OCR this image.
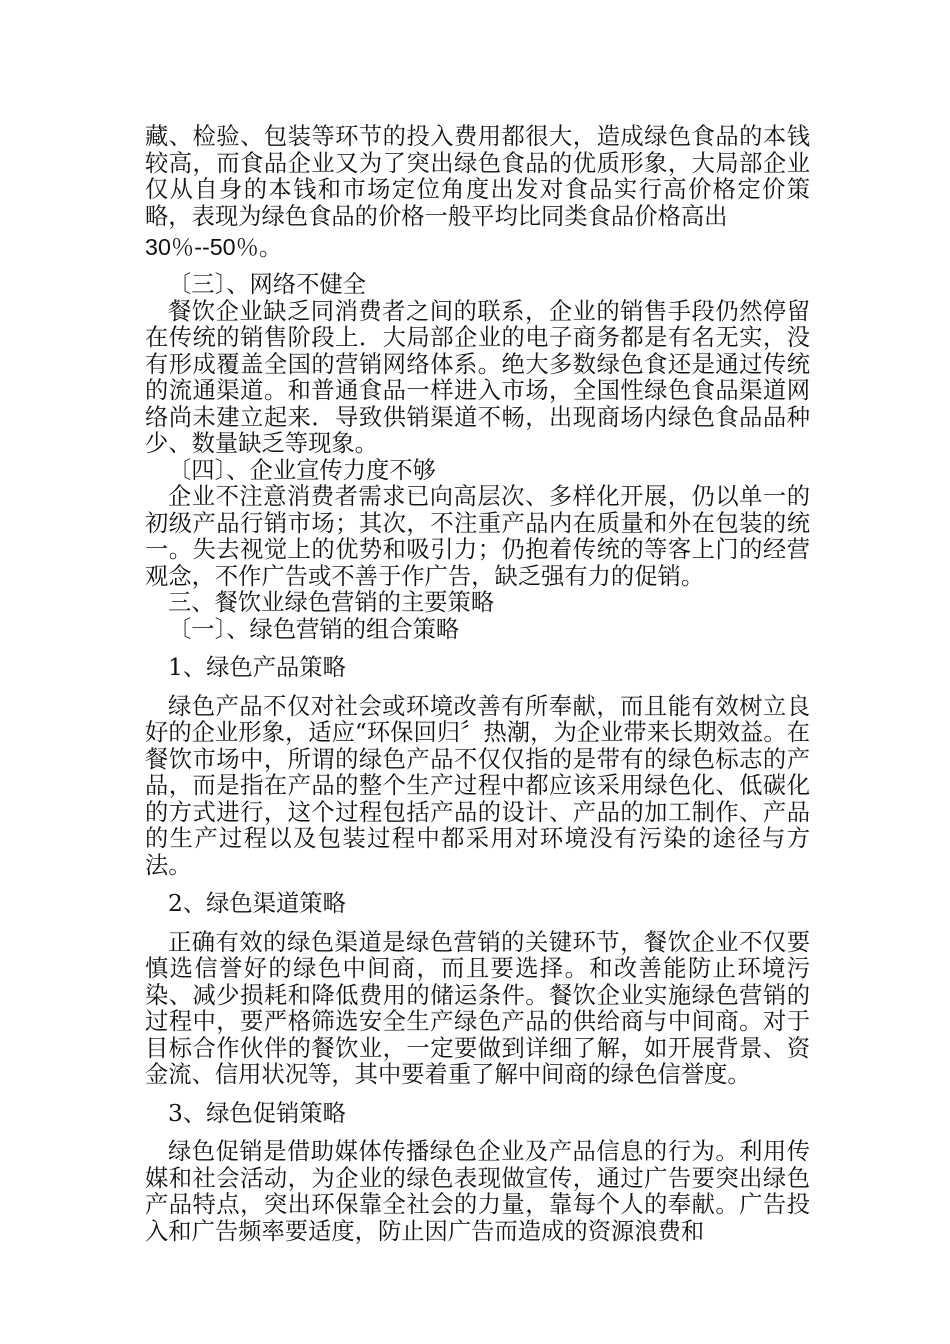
藏、检验、包装等环节的投入费用都很大，造成绿色食品的本钱较高，而食品企业又为了突出绿色食品的优质形象，大局部企业仅从自身的本钱和市场定位角度出发对食品实行高价格定价策略，表现为绿色食品的价格一般平均比同类食品价格高出

30％--50％。

〔三〕、网络不健全

餐饮企业缺乏同消费者之间的联系，企业的销售手段仍然停留在传统的销售阶段上．大局部企业的电子商务都是有名无实，没有形成覆盖全国的营销网络体系。绝大多数绿色食还是通过传统的流通渠道。和普通食品一样进入市场，全国性绿色食品渠道网络尚未建立起来．导致供销渠道不畅，出现商场内绿色食品品种少、数量缺乏等现象。

〔四〕、企业宣传力度不够

企业不注意消费者需求已向高层次、多样化开展，仍以单一的初级产品行销市场；其次，不注重产品内在质量和外在包装的统一。失去视觉上的优势和吸引力；仍抱着传统的等客上门的经营观念，不作广告或不善于作广告，缺乏强有力的促销。

三、餐饮业绿色营销的主要策略

〔一〕、绿色营销的组合策略

1、绿色产品策略

绿色产品不仅对社会或环境改善有所奉献，而且能有效树立良好的企业形象，适应“环保回归〞热潮，为企业带来长期效益。在餐饮市场中，所谓的绿色产品不仅仅指的是带有的绿色标志的产品，而是指在产品的整个生产过程中都应该采用绿色化、低碳化的方式进行，这个过程包括产品的设计、产品的加工制作、产品的生产过程以及包装过程中都采用对环境没有污染的途径与方法。

2、绿色渠道策略

正确有效的绿色渠道是绿色营销的关键环节，餐饮企业不仅要慎选信誉好的绿色中间商，而且要选择。和改善能防止环境污染、减少损耗和降低费用的储运条件。餐饮企业实施绿色营销的过程中，要严格筛选安全生产绿色产品的供给商与中间商。对于目标合作伙伴的餐饮业，一定要做到详细了解，如开展背景、资金流、信用状况等，其中要着重了解中间商的绿色信誉度。

3、绿色促销策略

绿色促销是借助媒体传播绿色企业及产品信息的行为。利用传媒和社会活动，为企业的绿色表现做宣传，通过广告要突出绿色产品特点，突出环保靠全社会的力量，靠每个人的奉献。广告投入和广告频率要适度，防止因广告而造成的资源浪费和
